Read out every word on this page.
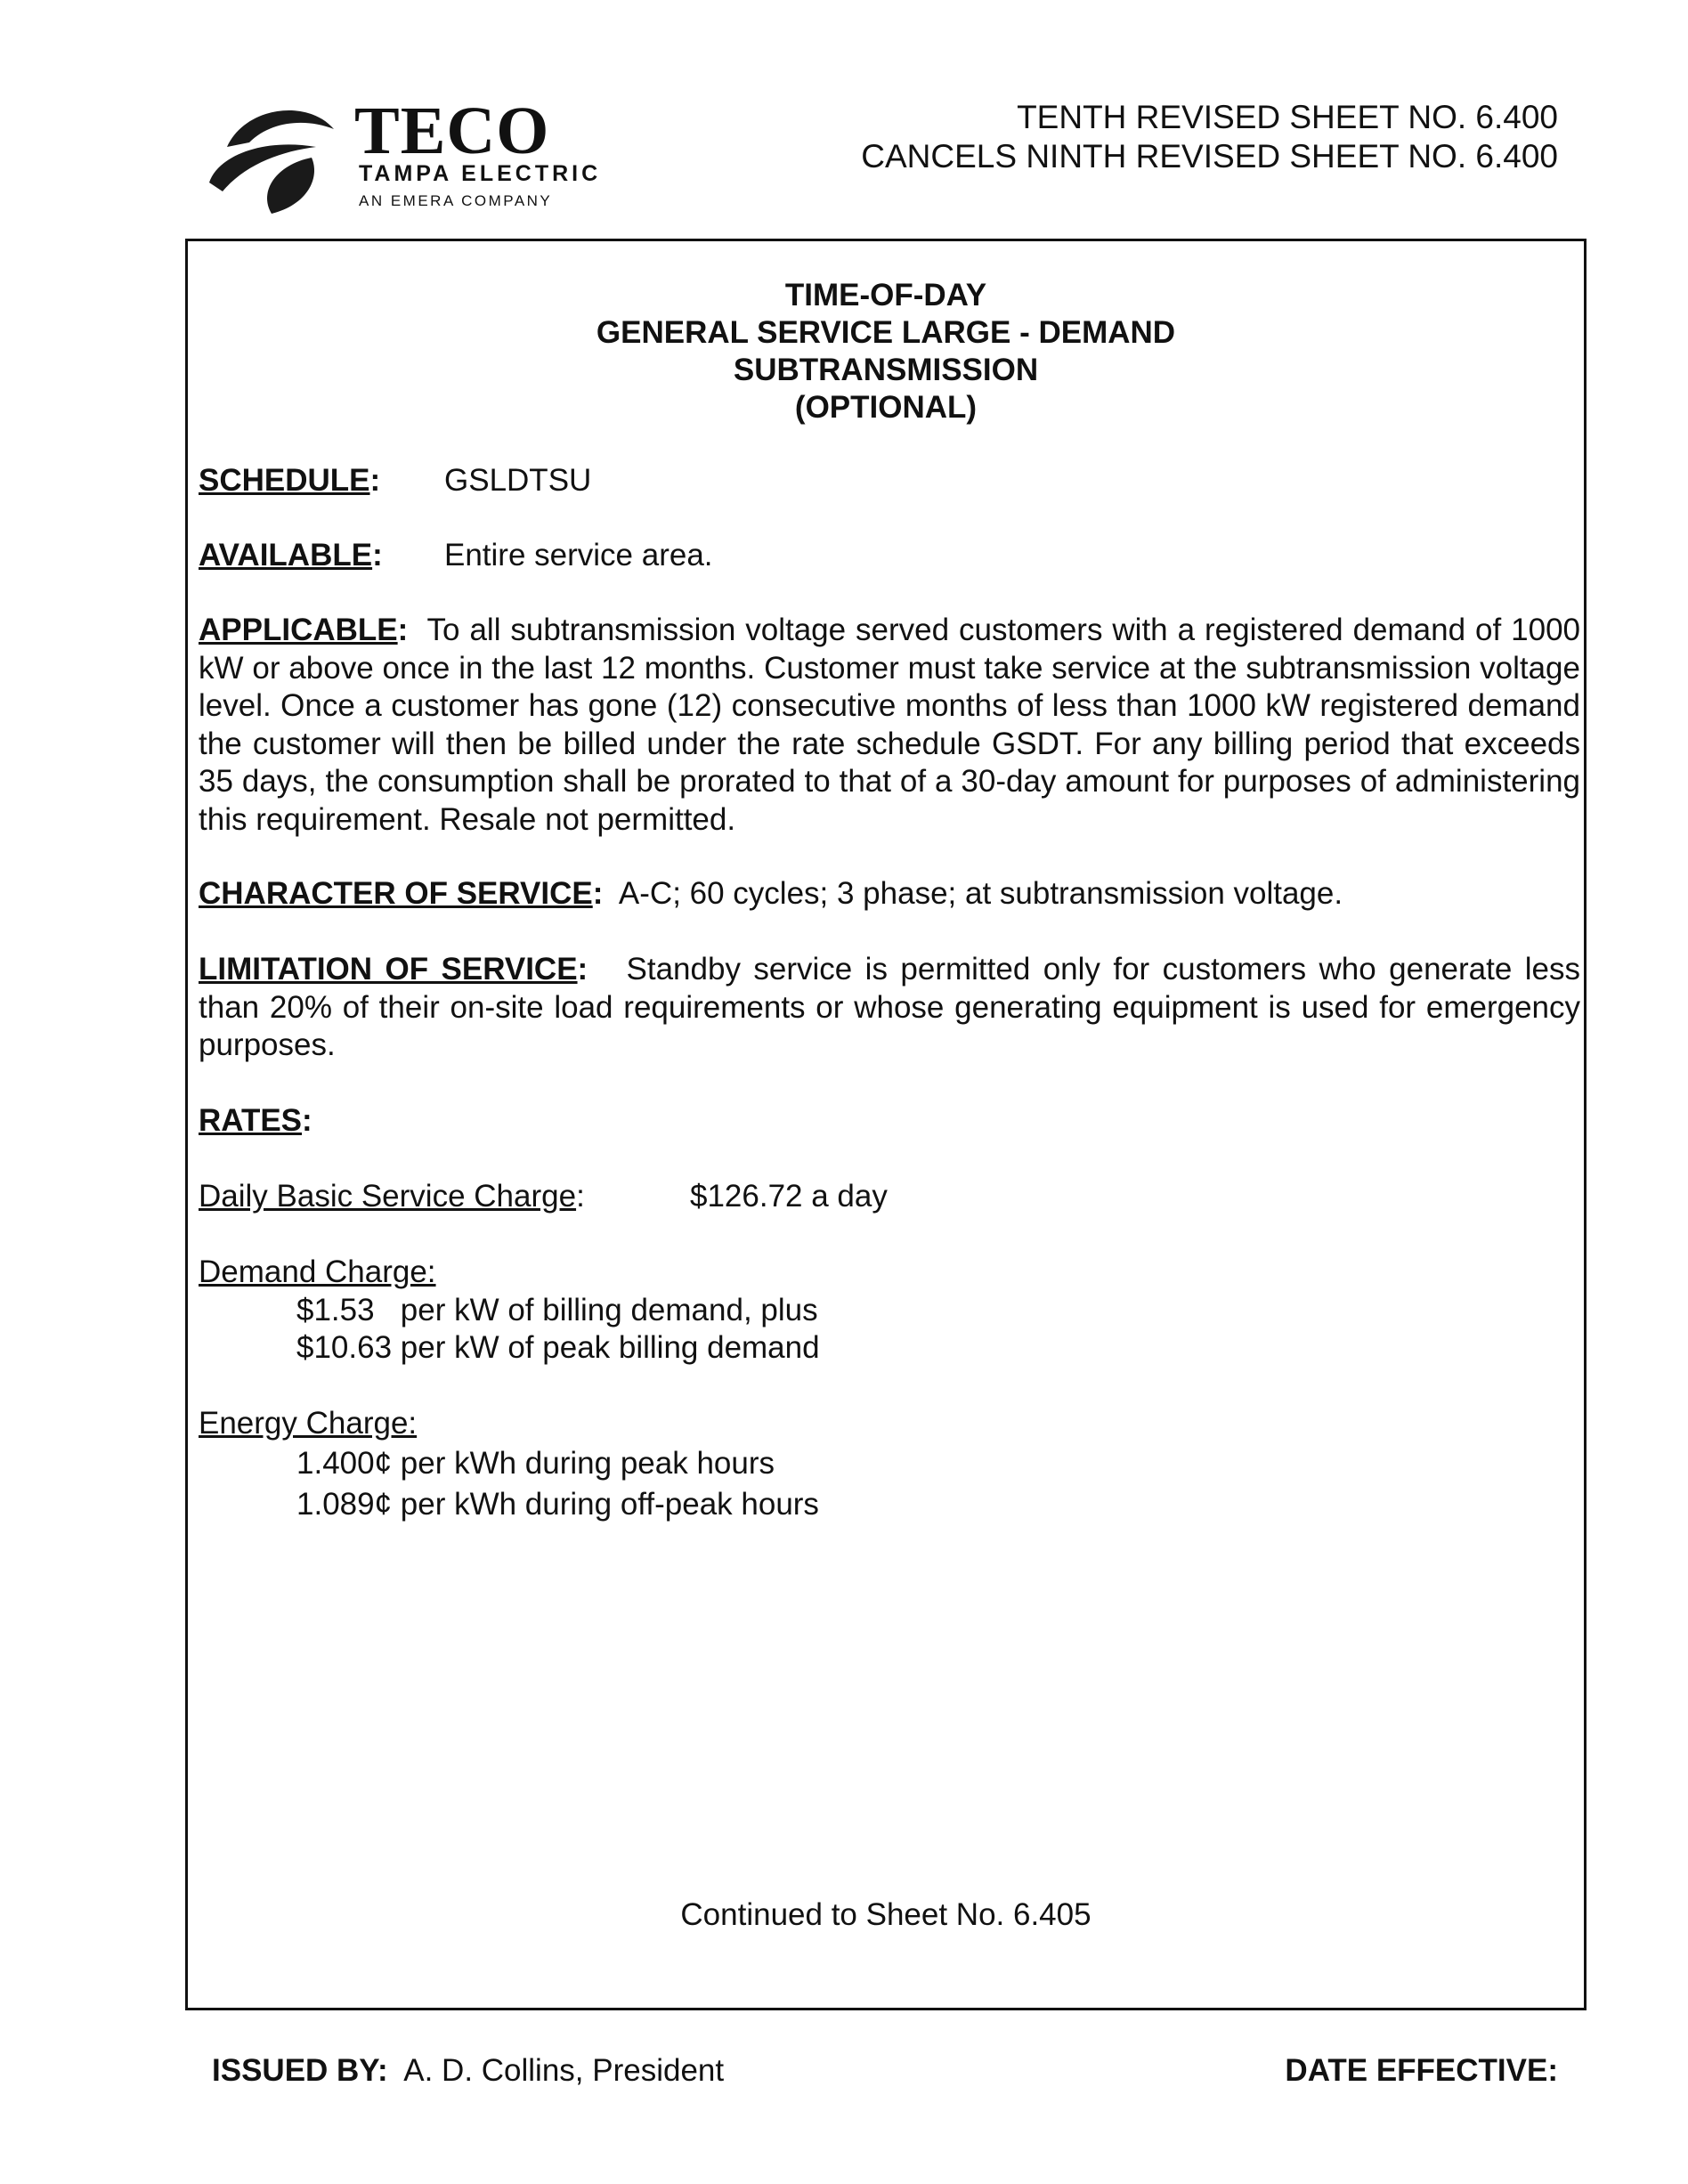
TECO
TAMPA ELECTRIC
AN EMERA COMPANY
TENTH REVISED SHEET NO. 6.400
CANCELS NINTH REVISED SHEET NO. 6.400
TIME-OF-DAY
GENERAL SERVICE LARGE - DEMAND
SUBTRANSMISSION
(OPTIONAL)
SCHEDULE: GSLDTSU
AVAILABLE: Entire service area.
APPLICABLE: To all subtransmission voltage served customers with a registered demand of 1000 kW or above once in the last 12 months. Customer must take service at the subtransmission voltage level. Once a customer has gone (12) consecutive months of less than 1000 kW registered demand the customer will then be billed under the rate schedule GSDT. For any billing period that exceeds 35 days, the consumption shall be prorated to that of a 30-day amount for purposes of administering this requirement. Resale not permitted.
CHARACTER OF SERVICE: A-C; 60 cycles; 3 phase; at subtransmission voltage.
LIMITATION OF SERVICE: Standby service is permitted only for customers who generate less than 20% of their on-site load requirements or whose generating equipment is used for emergency purposes.
RATES:
Daily Basic Service Charge:	$126.72 a day
Demand Charge:
$1.53   per kW of billing demand, plus
$10.63 per kW of peak billing demand
Energy Charge:
1.400¢ per kWh during peak hours
1.089¢ per kWh during off-peak hours
Continued to Sheet No. 6.405
ISSUED BY: A. D. Collins, President	DATE EFFECTIVE:
